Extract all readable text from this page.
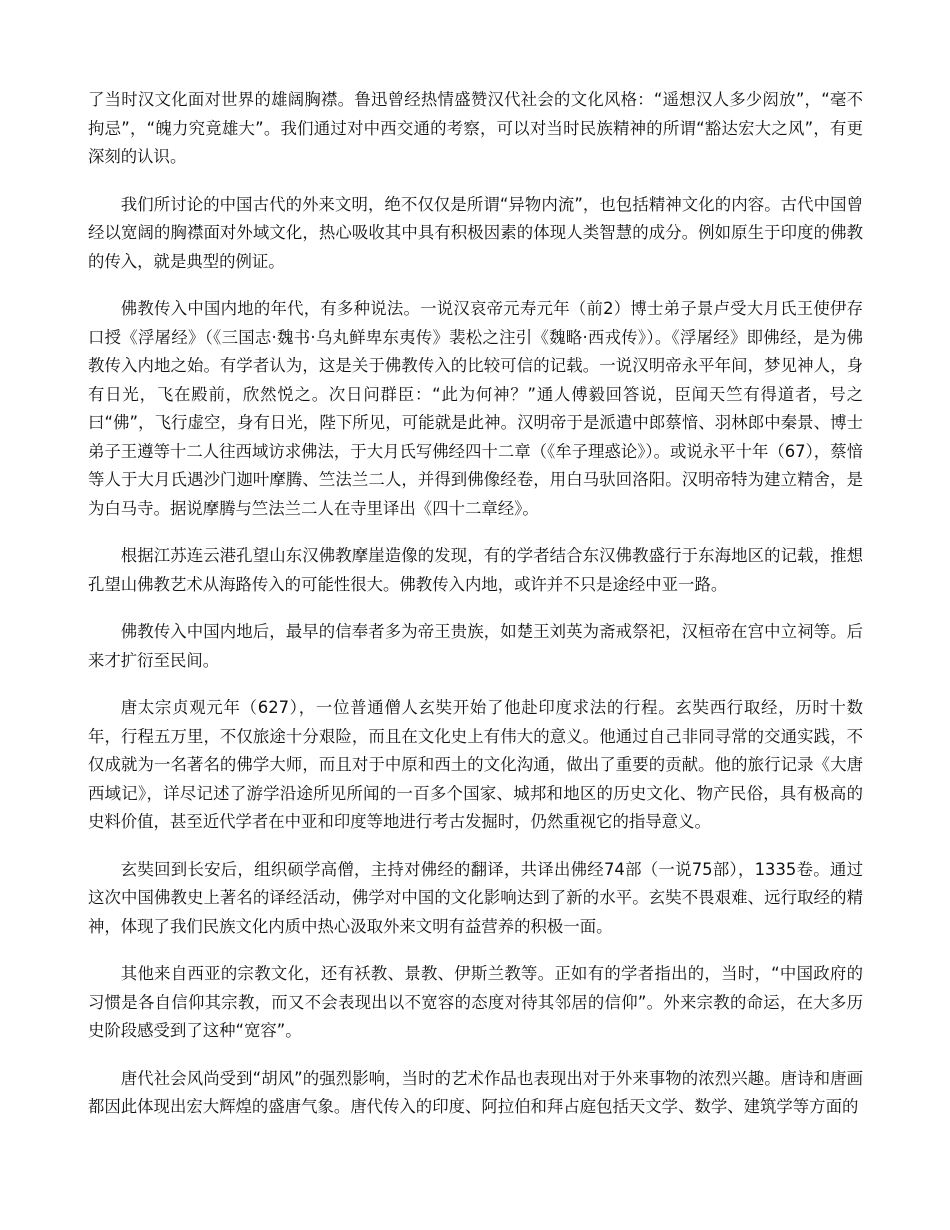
了当时汉文化面对世界的雄阔胸襟。鲁迅曾经热情盛赞汉代社会的文化风格：“遥想汉人多少闳放”，“毫不拘忌”，“魄力究竟雄大”。我们通过对中西交通的考察，可以对当时民族精神的所谓“豁达宏大之风”，有更深刻的认识。

我们所讨论的中国古代的外来文明，绝不仅仅是所谓“异物内流”，也包括精神文化的内容。古代中国曾经以宽阔的胸襟面对外域文化，热心吸收其中具有积极因素的体现人类智慧的成分。例如原生于印度的佛教的传入，就是典型的例证。

佛教传入中国内地的年代，有多种说法。一说汉哀帝元寿元年（前2）博士弟子景卢受大月氏王使伊存口授《浮屠经》（《三国志·魏书·乌丸鲜卑东夷传》裴松之注引《魏略·西戎传》）。《浮屠经》即佛经，是为佛教传入内地之始。有学者认为，这是关于佛教传入的比较可信的记载。一说汉明帝永平年间，梦见神人，身有日光，飞在殿前，欣然悦之。次日问群臣：“此为何神？”通人傅毅回答说，臣闻天竺有得道者，号之曰“佛”，飞行虚空，身有日光，陛下所见，可能就是此神。汉明帝于是派遣中郎蔡愔、羽林郎中秦景、博士弟子王遵等十二人往西域访求佛法，于大月氏写佛经四十二章（《牟子理惑论》）。或说永平十年（67），蔡愔等人于大月氏遇沙门迦叶摩腾、竺法兰二人，并得到佛像经卷，用白马驮回洛阳。汉明帝特为建立精舍，是为白马寺。据说摩腾与竺法兰二人在寺里译出《四十二章经》。

根据江苏连云港孔望山东汉佛教摩崖造像的发现，有的学者结合东汉佛教盛行于东海地区的记载，推想孔望山佛教艺术从海路传入的可能性很大。佛教传入内地，或许并不只是途经中亚一路。

佛教传入中国内地后，最早的信奉者多为帝王贵族，如楚王刘英为斋戒祭祀，汉桓帝在宫中立祠等。后来才扩衍至民间。

唐太宗贞观元年（627），一位普通僧人玄奘开始了他赴印度求法的行程。玄奘西行取经，历时十数年，行程五万里，不仅旅途十分艰险，而且在文化史上有伟大的意义。他通过自己非同寻常的交通实践，不仅成就为一名著名的佛学大师，而且对于中原和西土的文化沟通，做出了重要的贡献。他的旅行记录《大唐西域记》，详尽记述了游学沿途所见所闻的一百多个国家、城邦和地区的历史文化、物产民俗，具有极高的史料价值，甚至近代学者在中亚和印度等地进行考古发掘时，仍然重视它的指导意义。

玄奘回到长安后，组织硕学高僧，主持对佛经的翻译，共译出佛经74部（一说75部），1335卷。通过这次中国佛教史上著名的译经活动，佛学对中国的文化影响达到了新的水平。玄奘不畏艰难、远行取经的精神，体现了我们民族文化内质中热心汲取外来文明有益营养的积极一面。

其他来自西亚的宗教文化，还有袄教、景教、伊斯兰教等。正如有的学者指出的，当时，“中国政府的习惯是各自信仰其宗教，而又不会表现出以不宽容的态度对待其邻居的信仰”。外来宗教的命运，在大多历史阶段感受到了这种“宽容”。

唐代社会风尚受到“胡风”的强烈影响，当时的艺术作品也表现出对于外来事物的浓烈兴趣。唐诗和唐画都因此体现出宏大辉煌的盛唐气象。唐代传入的印度、阿拉伯和拜占庭包括天文学、数学、建筑学等方面的
